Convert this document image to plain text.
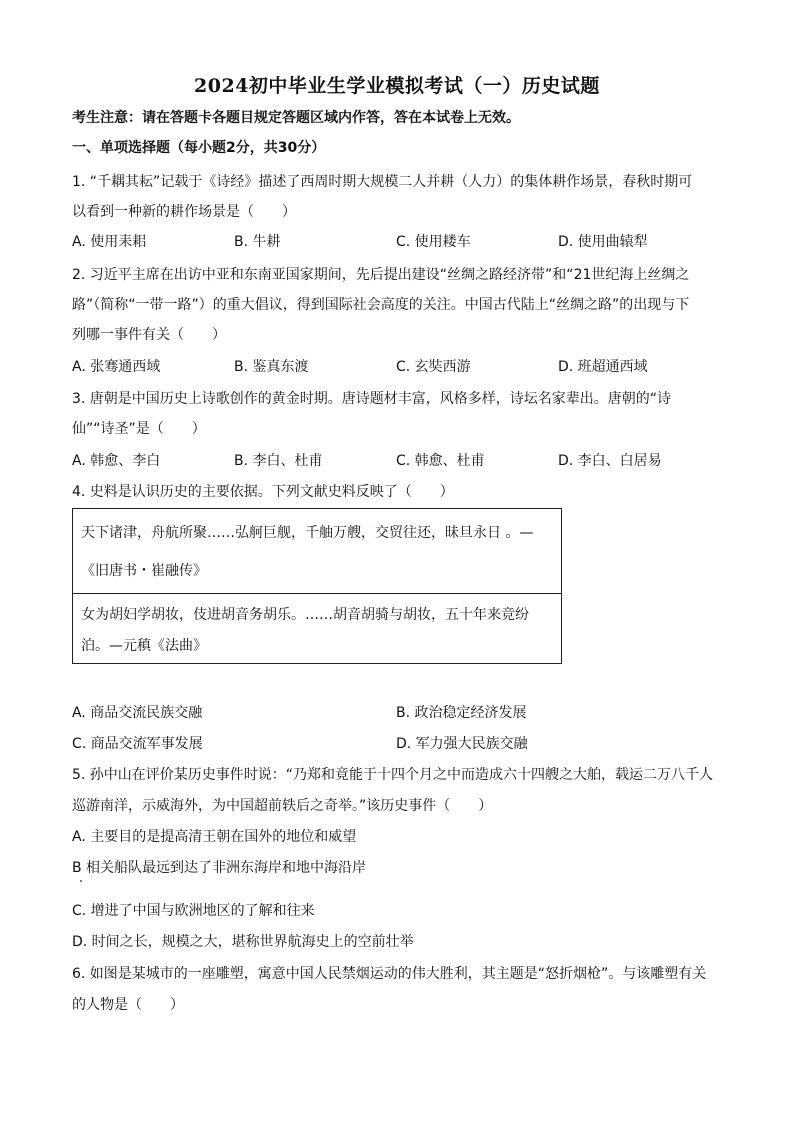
2024初中毕业生学业模拟考试（一）历史试题
考生注意：请在答题卡各题目规定答题区域内作答，答在本试卷上无效。
一、单项选择题（每小题2分，共30分）
1. “千耦其耘”记载于《诗经》描述了西周时期大规模二人并耕（人力）的集体耕作场景，春秋时期可
以看到一种新的耕作场景是（　　）
A. 使用耒耜	B. 牛耕	C. 使用耧车	D. 使用曲辕犁
2. 习近平主席在出访中亚和东南亚国家期间，先后提出建设“丝绸之路经济带”和“21世纪海上丝绸之
路”（简称“一带一路”）的重大倡议，得到国际社会高度的关注。中国古代陆上“丝绸之路”的出现与下
列哪一事件有关（　　）
A. 张骞通西域	B. 鉴真东渡	C. 玄奘西游	D. 班超通西域
3. 唐朝是中国历史上诗歌创作的黄金时期。唐诗题材丰富，风格多样，诗坛名家辈出。唐朝的“诗
仙”“诗圣”是（　　）
A. 韩愈、李白	B. 李白、杜甫	C. 韩愈、杜甫	D. 李白、白居易
4. 史料是认识历史的主要依据。下列文献史料反映了（　　）
天下诸津，舟航所聚……弘舸巨舰，千舳万艘，交贸往还，昧旦永日 。—
《旧唐书・崔融传》
女为胡妇学胡妆，伎进胡音务胡乐。……胡音胡骑与胡妆，五十年来竞纷
泊。—元稹《法曲》
A. 商品交流民族交融	B. 政治稳定经济发展
C. 商品交流军事发展	D. 军力强大民族交融
5. 孙中山在评价某历史事件时说：“乃郑和竟能于十四个月之中而造成六十四艘之大舶，载运二万八千人
巡游南洋，示威海外，为中国超前轶后之奇举。”该历史事件（　　）
A. 主要目的是提高清王朝在国外的地位和威望
B 相关船队最远到达了非洲东海岸和地中海沿岸
C. 增进了中国与欧洲地区的了解和往来
D. 时间之长，规模之大，堪称世界航海史上的空前壮举
6. 如图是某城市的一座雕塑，寓意中国人民禁烟运动的伟大胜利，其主题是“怒折烟枪”。与该雕塑有关
的人物是（　　）
